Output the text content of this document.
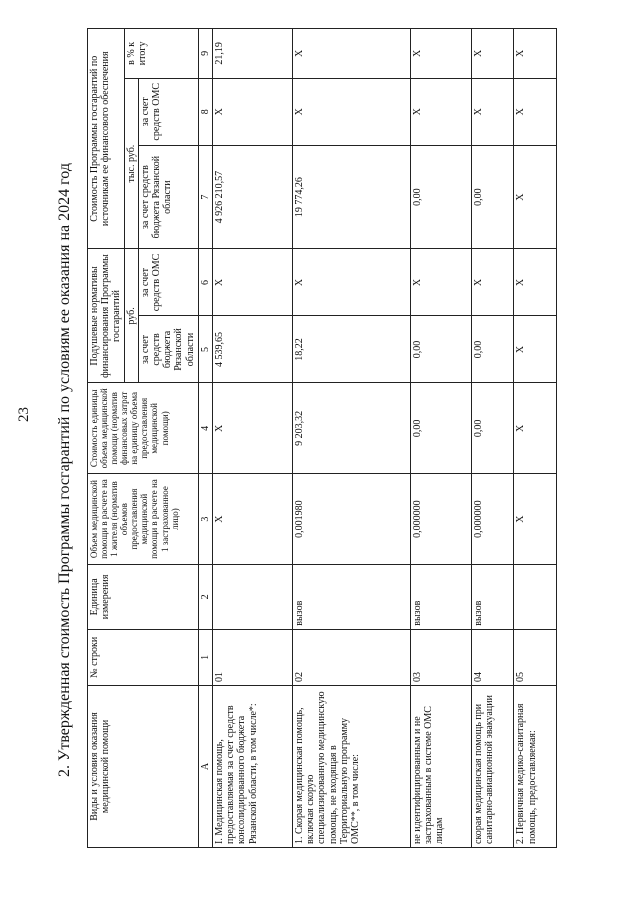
23 2. Утвержденная стоимость Программы госгарантий по условиям ее оказания на 2024 год Виды и условия оказания медицинской помощи	№ строки	Единица измерения	Объем медицинской помощи в расчете на 1 жителя (норматив объемов предоставления медицинской помощи в расчете на 1 застрахованное лицо)	Стоимость единицы объема медицинской помощи (норматив финансовых затрат на единицу объема предоставления медицинской помощи)	Подушевые нормативы финансирования Программы госгарантий		Стоимость Программы госгарантий по источникам ее финансового обеспечения		
					руб.		тыс. руб.		в % к итогу
					за счет средств бюджета Рязанской области	за счет средств ОМС	за счет средств бюджета Рязанской области	за счет средств ОМС	
А	1	2	3	4	5	6	7	8	9
I. Медицинская помощь, предоставляемая за счет средств консолидированного бюджета Рязанской области, в том числе*:	01		X	X	4 539,65	X	4 926 210,57	X	21,19
1. Скорая медицинская помощь, включая скорую специализированную медицинскую помощь, не входящая в Территориальную программу ОМС**, в том числе:	02	вызов	0,001980	9 203,32	18,22	X	19 774,26	X	X
не идентифицированным и не застрахованным в системе ОМС лицам	03	вызов	0,000000	0,00	0,00	X	0,00	X	X
скорая медицинская помощь при санитарно-авиационной эвакуации	04	вызов	0,000000	0,00	0,00	X	0,00	X	X
2. Первичная медико-санитарная помощь, предоставляемая:	05		X	X	X	X	X	X	X
